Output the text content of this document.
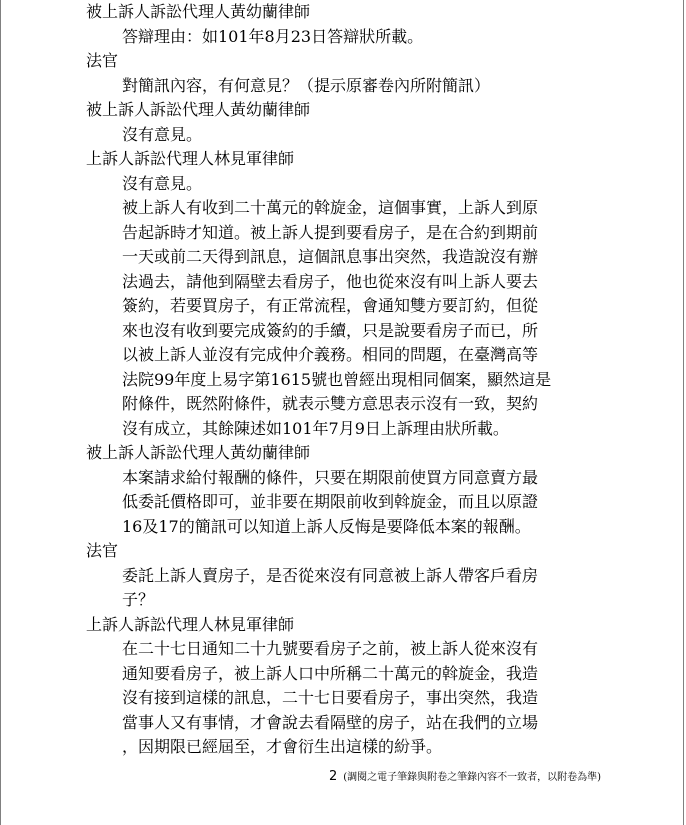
被上訴人訴訟代理人黃幼蘭律師
答辯理由：如101年8月23日答辯狀所載。
法官
對簡訊內容，有何意見？（提示原審卷內所附簡訊）
被上訴人訴訟代理人黃幼蘭律師
沒有意見。
上訴人訴訟代理人林見軍律師
沒有意見。
被上訴人有收到二十萬元的斡旋金，這個事實，上訴人到原
告起訴時才知道。被上訴人提到要看房子，是在合約到期前
一天或前二天得到訊息，這個訊息事出突然，我造說沒有辦
法過去，請他到隔壁去看房子，他也從來沒有叫上訴人要去
簽約，若要買房子，有正常流程，會通知雙方要訂約，但從
來也沒有收到要完成簽約的手續，只是說要看房子而已，所
以被上訴人並沒有完成仲介義務。相同的問題，在臺灣高等
法院99年度上易字第1615號也曾經出現相同個案，顯然這是
附條件，既然附條件，就表示雙方意思表示沒有一致，契約
沒有成立，其餘陳述如101年7月9日上訴理由狀所載。
被上訴人訴訟代理人黃幼蘭律師
本案請求給付報酬的條件，只要在期限前使買方同意賣方最
低委託價格即可，並非要在期限前收到斡旋金，而且以原證
16及17的簡訊可以知道上訴人反悔是要降低本案的報酬。
法官
委託上訴人賣房子，是否從來沒有同意被上訴人帶客戶看房
子？
上訴人訴訟代理人林見軍律師
在二十七日通知二十九號要看房子之前，被上訴人從來沒有
通知要看房子，被上訴人口中所稱二十萬元的斡旋金，我造
沒有接到這樣的訊息，二十七日要看房子，事出突然，我造
當事人又有事情，才會說去看隔壁的房子，站在我們的立場
，因期限已經屆至，才會衍生出這樣的紛爭。
2 (調閱之電子筆錄與附卷之筆錄內容不一致者，以附卷為準)
